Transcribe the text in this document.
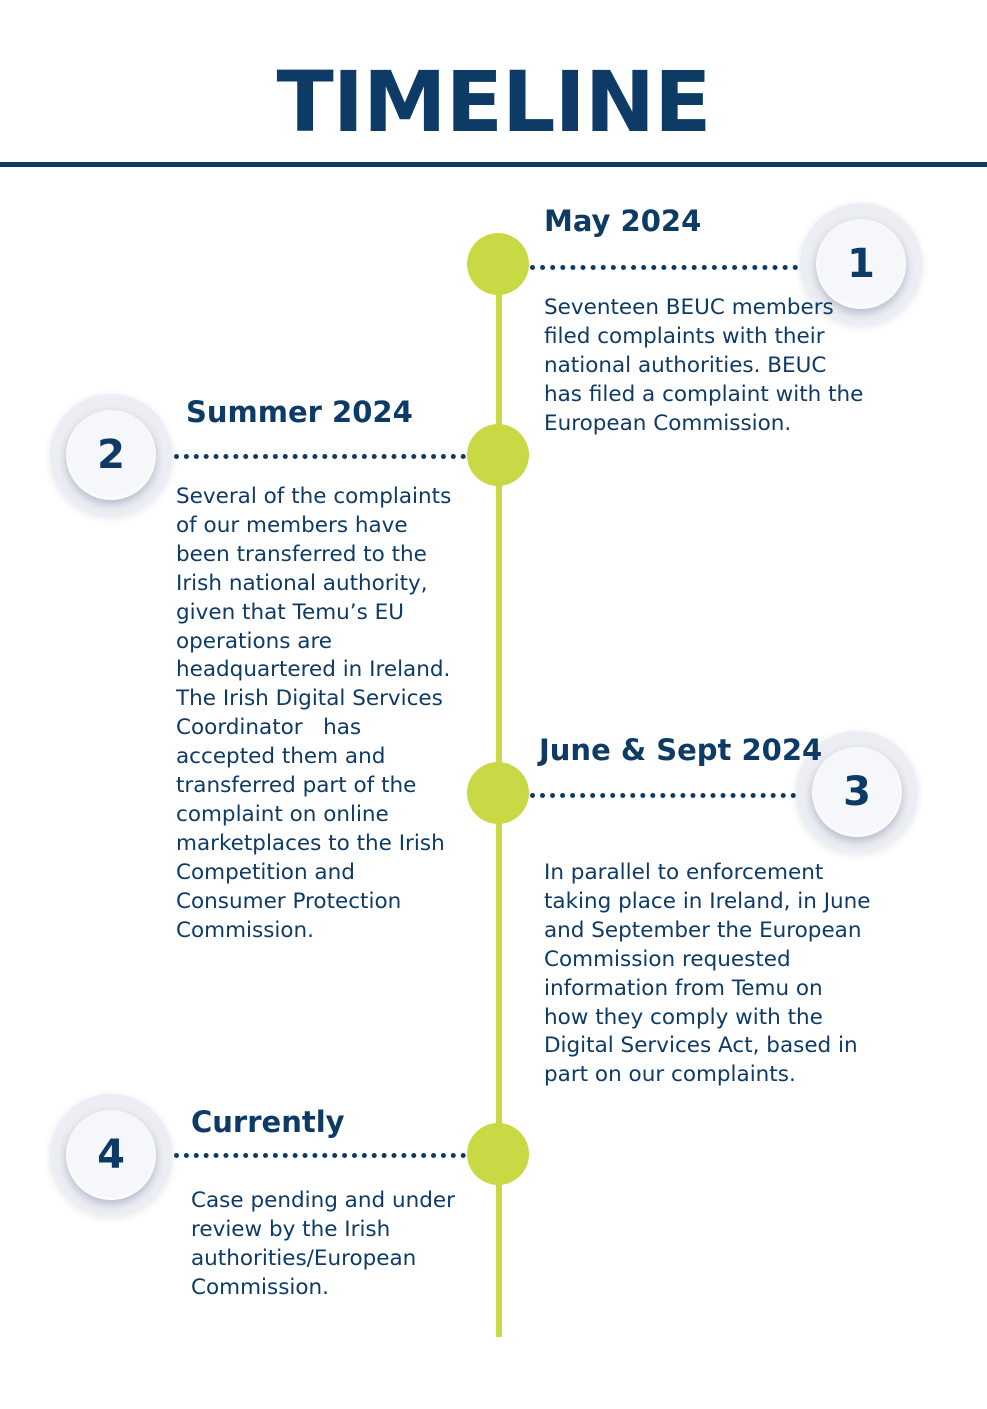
TIMELINE
1
May 2024
Seventeen BEUC members
filed complaints with their
national authorities. BEUC
has filed a complaint with the
European Commission.
2
Summer 2024
Several of the complaints
of our members have
been transferred to the
Irish national authority,
given that Temu’s EU
operations are
headquartered in Ireland.
The Irish Digital Services
Coordinator   has
accepted them and
transferred part of the
complaint on online
marketplaces to the Irish
Competition and
Consumer Protection
Commission.
3
June & Sept 2024
In parallel to enforcement
taking place in Ireland, in June
and September the European
Commission requested
information from Temu on
how they comply with the
Digital Services Act, based in
part on our complaints.
4
Currently
Case pending and under
review by the Irish
authorities/European
Commission.
